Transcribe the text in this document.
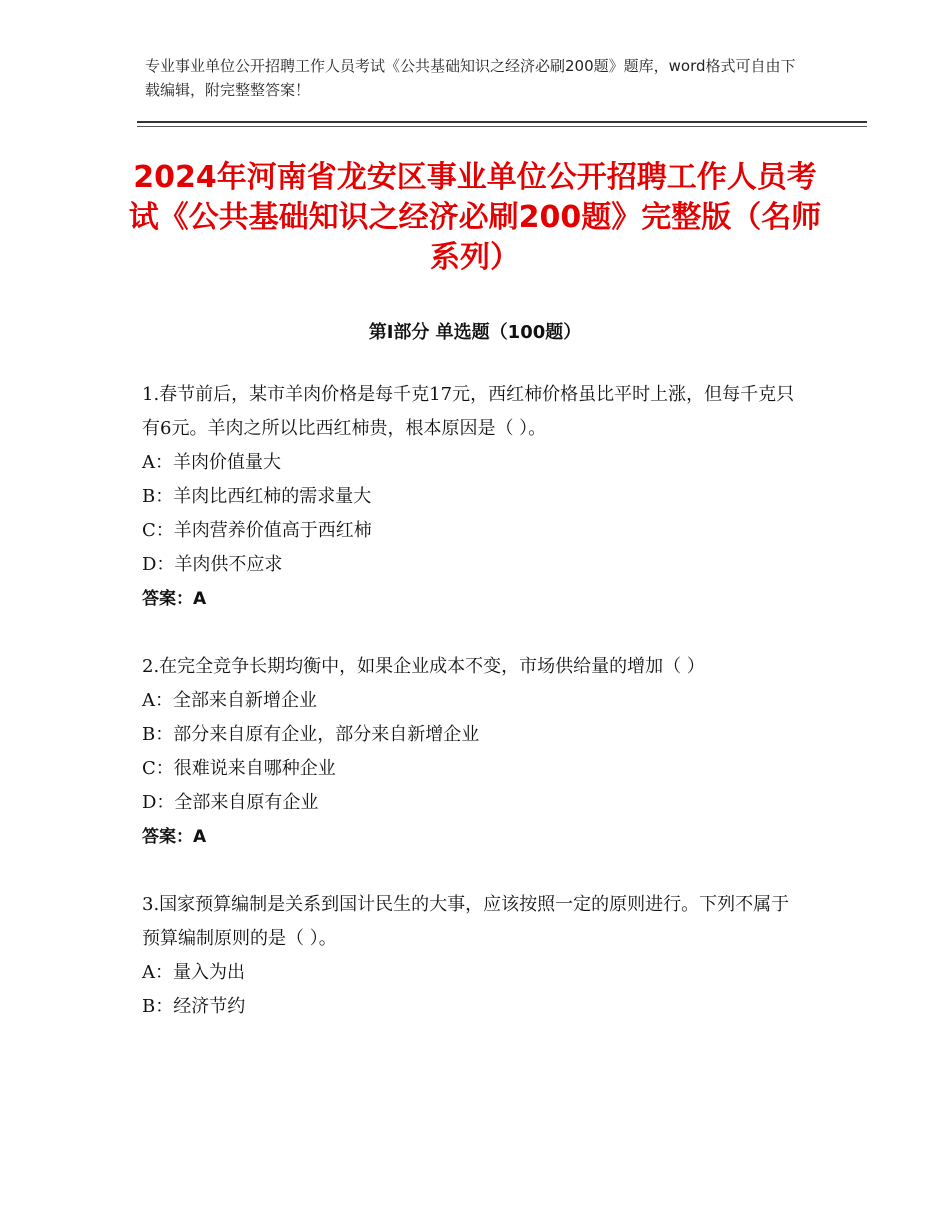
专业事业单位公开招聘工作人员考试《公共基础知识之经济必刷200题》题库，word格式可自由下载编辑，附完整整答案！
2024年河南省龙安区事业单位公开招聘工作人员考试《公共基础知识之经济必刷200题》完整版（名师系列）
第Ⅰ部分 单选题（100题）
1.春节前后，某市羊肉价格是每千克17元，西红柿价格虽比平时上涨，但每千克只有6元。羊肉之所以比西红柿贵，根本原因是（ ）。
A：羊肉价值量大
B：羊肉比西红柿的需求量大
C：羊肉营养价值高于西红柿
D：羊肉供不应求
答案：A
2.在完全竞争长期均衡中，如果企业成本不变，市场供给量的增加（ ）
A：全部来自新增企业
B：部分来自原有企业，部分来自新增企业
C：很难说来自哪种企业
D：全部来自原有企业
答案：A
3.国家预算编制是关系到国计民生的大事，应该按照一定的原则进行。下列不属于预算编制原则的是（ ）。
A：量入为出
B：经济节约
